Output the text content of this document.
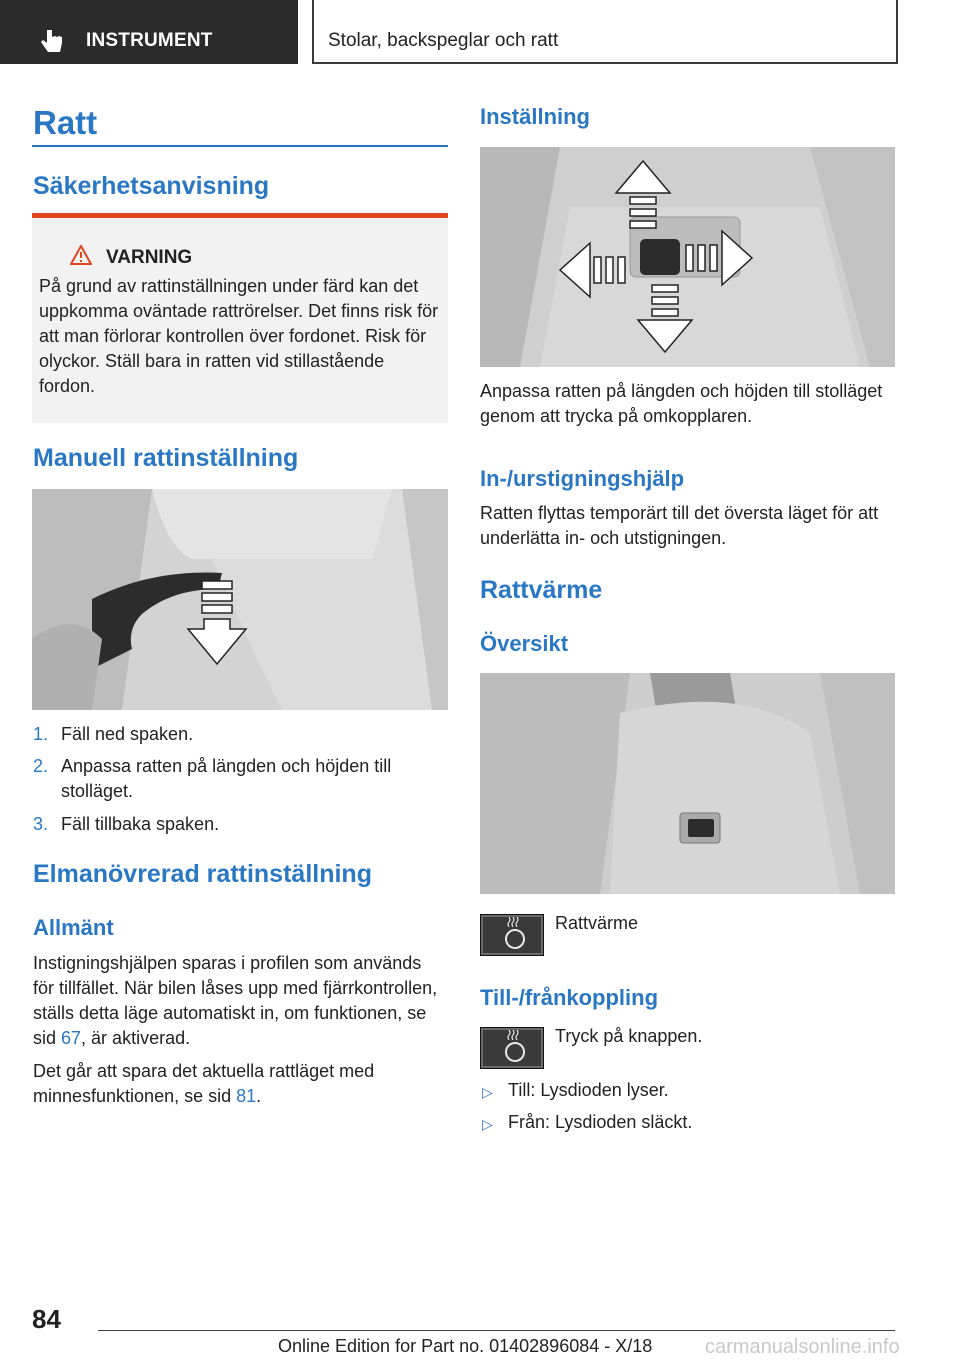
INSTRUMENT	Stolar, backspeglar och ratt
Ratt
Säkerhetsanvisning
VARNING
På grund av rattinställningen under färd kan det uppkomma oväntade rattrörelser. Det finns risk för att man förlorar kontrollen över fordonet. Risk för olyckor. Ställ bara in ratten vid stillastående fordon.
Manuell rattinställning
1. Fäll ned spaken.
2. Anpassa ratten på längden och höjden till stolläget.
3. Fäll tillbaka spaken.
Elmanövrerad rattinställning
Allmänt
Instigningshjälpen sparas i profilen som används för tillfället. När bilen låses upp med fjärrkontrollen, ställs detta läge automatiskt in, om funktionen, se sid 67, är aktiverad.
Det går att spara det aktuella rattläget med minnesfunktionen, se sid 81.
Inställning
Anpassa ratten på längden och höjden till stolläget genom att trycka på omkopplaren.
In-/urstigningshjälp
Ratten flyttas temporärt till det översta läget för att underlätta in- och utstigningen.
Rattvärme
Översikt
Rattvärme
Till-/frånkoppling
Tryck på knappen.
▷ Till: Lysdioden lyser.
▷ Från: Lysdioden släckt.
84
Online Edition for Part no. 01402896084 - X/18	carmanualsonline.info
